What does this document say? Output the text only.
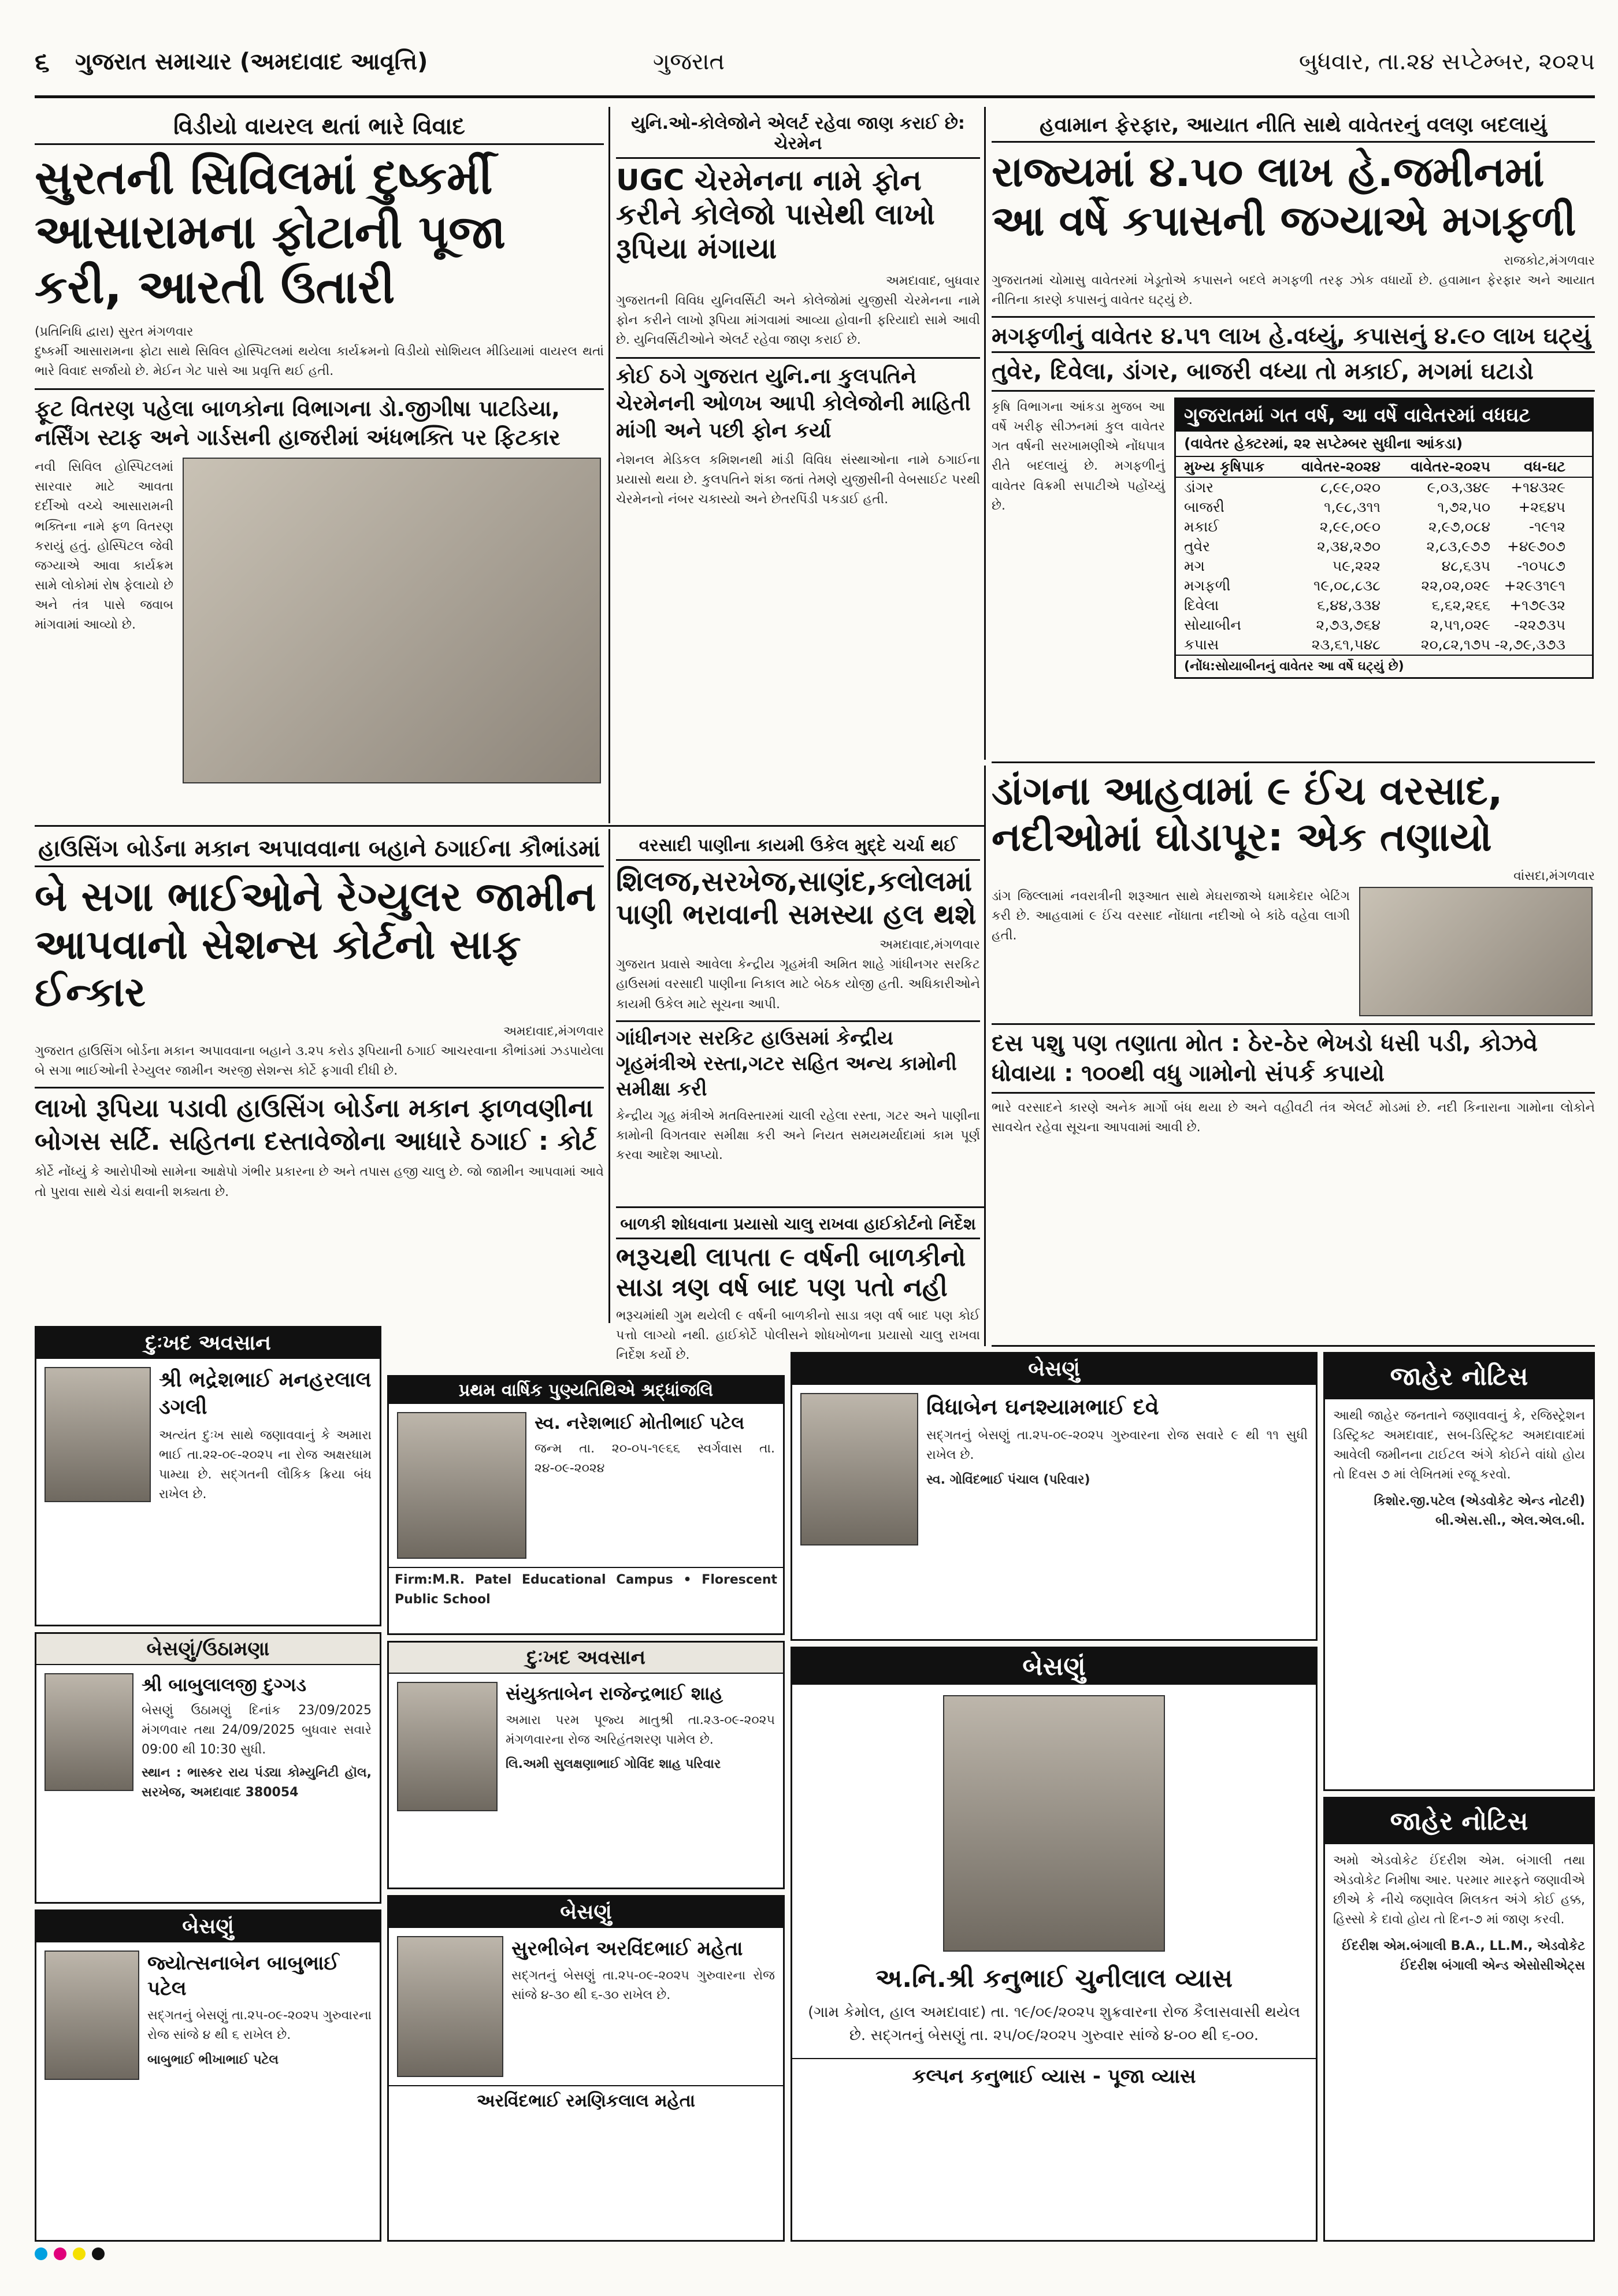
૬ ગુજરાત સમાચાર (અમદાવાદ આવૃત્તિ)	ગુજરાત	બુધવાર, તા.૨૪ સપ્ટેમ્બર, ૨૦૨૫
વિડીયો વાયરલ થતાં ભારે વિવાદ
સુરતની સિવિલમાં દુષ્કર્મી આસારામના ફોટાની પૂજા કરી, આરતી ઉતારી
(પ્રતિનિધિ દ્વારા) સુરત મંગળવાર
દુષ્કર્મી આસારામના ફોટા સાથે સિવિલ હોસ્પિટલમાં થયેલા કાર્યક્રમનો વિડીયો સોશિયલ મીડિયામાં વાયરલ થતાં ભારે વિવાદ સર્જાયો છે. મેઈન ગેટ પાસે આ પ્રવૃત્તિ થઈ હતી.
ફૂટ વિતરણ પહેલા બાળકોના વિભાગના ડો.જીગીષા પાટડિયા, નર્સિંગ સ્ટાફ અને ગાર્ડસની હાજરીમાં અંધભક્તિ પર ફિટકાર
નવી સિવિલ હોસ્પિટલમાં સારવાર માટે આવતા દર્દીઓ વચ્ચે આસારામની ભક્તિના નામે ફળ વિતરણ કરાયું હતું. હોસ્પિટલ જેવી જગ્યાએ આવા કાર્યક્રમ સામે લોકોમાં રોષ ફેલાયો છે અને તંત્ર પાસે જવાબ માંગવામાં આવ્યો છે.
યુનિ.ઓ-કોલેજોને એલર્ટ રહેવા જાણ કરાઈ છે: ચેરમેન
UGC ચેરમેનના નામે ફોન કરીને કોલેજો પાસેથી લાખો રૂપિયા મંગાયા
અમદાવાદ, બુધવાર
ગુજરાતની વિવિધ યુનિવર્સિટી અને કોલેજોમાં યુજીસી ચેરમેનના નામે ફોન કરીને લાખો રૂપિયા માંગવામાં આવ્યા હોવાની ફરિયાદો સામે આવી છે. યુનિવર્સિટીઓને એલર્ટ રહેવા જાણ કરાઈ છે.
કોઈ ઠગે ગુજરાત યુનિ.ના કુલપતિને ચેરમેનની ઓળખ આપી કોલેજોની માહિતી માંગી અને પછી ફોન કર્યા
નેશનલ મેડિકલ કમિશનથી માંડી વિવિધ સંસ્થાઓના નામે ઠગાઈના પ્રયાસો થયા છે. કુલપતિને શંકા જતાં તેમણે યુજીસીની વેબસાઈટ પરથી ચેરમેનનો નંબર ચકાસ્યો અને છેતરપિંડી પકડાઈ હતી.
હવામાન ફેરફાર, આયાત નીતિ સાથે વાવેતરનું વલણ બદલાયું
રાજ્યમાં ૪.૫૦ લાખ હે.જમીનમાં આ વર્ષે કપાસની જગ્યાએ મગફળી
રાજકોટ,મંગળવાર
ગુજરાતમાં ચોમાસુ વાવેતરમાં ખેડૂતોએ કપાસને બદલે મગફળી તરફ ઝોક વધાર્યો છે. હવામાન ફેરફાર અને આયાત નીતિના કારણે કપાસનું વાવેતર ઘટ્યું છે.
મગફળીનું વાવેતર ૪.૫૧ લાખ હે.વધ્યું, કપાસનું ૪.૯૦ લાખ ઘટ્યું
તુવેર, દિવેલા, ડાંગર, બાજરી વધ્યા તો મકાઈ, મગમાં ઘટાડો
કૃષિ વિભાગના આંકડા મુજબ આ વર્ષે ખરીફ સીઝનમાં કુલ વાવેતર ગત વર્ષની સરખામણીએ નોંધપાત્ર રીતે બદલાયું છે. મગફળીનું વાવેતર વિક્રમી સપાટીએ પહોંચ્યું છે.
ગુજરાતમાં ગત વર્ષ, આ વર્ષે વાવેતરમાં વધઘટ
(વાવેતર હેક્ટરમાં, ૨૨ સપ્ટેમ્બર સુધીના આંકડા)
મુખ્ય કૃષિપાક	વાવેતર-૨૦૨૪	વાવેતર-૨૦૨૫	વધ-ઘટ
ડાંગર	૮,૯૯,૦૨૦	૯,૦૩,૩૪૯	+૧૪૩૨૯
બાજરી	૧,૯૮,૩૧૧	૧,૭૨,૫૦	+૨૬૪૫
મકાઈ	૨,૯૯,૦૯૦	૨,૯૭,૦૮૪	-૧૯૧૨
તુવેર	૨,૩૪,૨૭૦	૨,૮૩,૯૭૭	+૪૯૭૦૭
મગ	૫૯,૨૨૨	૪૮,૬૩૫	-૧૦૫૮૭
મગફળી	૧૯,૦૮,૮૩૮	૨૨,૦૨,૦૨૯ +૨૯૩૧૯૧
દિવેલા	૬,૪૪,૩૩૪	૬,૬૨,૨૬૬	+૧૭૯૩૨
સોયાબીન	૨,૭૩,૭૬૪	૨,૫૧,૦૨૯	-૨૨૭૩૫
કપાસ	૨૩,૬૧,૫૪૮	૨૦,૮૨,૧૭૫ -૨,૭૯,૩૭૩
(નોંધ:સોયાબીનનું વાવેતર આ વર્ષે ઘટ્યું છે)
હાઉસિંગ બોર્ડના મકાન અપાવવાના બહાને ઠગાઈના કૌભાંડમાં
બે સગા ભાઈઓને રેગ્યુલર જામીન આપવાનો સેશન્સ કોર્ટનો સાફ ઈન્કાર
અમદાવાદ,મંગળવાર
ગુજરાત હાઉસિંગ બોર્ડના મકાન અપાવવાના બહાને ૩.૨૫ કરોડ રૂપિયાની ઠગાઈ આચરવાના કૌભાંડમાં ઝડપાયેલા બે સગા ભાઈઓની રેગ્યુલર જામીન અરજી સેશન્સ કોર્ટે ફગાવી દીધી છે.
લાખો રૂપિયા પડાવી હાઉસિંગ બોર્ડના મકાન ફાળવણીના બોગસ સર્ટિ. સહિતના દસ્તાવેજોના આધારે ઠગાઈ : કોર્ટ
કોર્ટે નોંધ્યું કે આરોપીઓ સામેના આક્ષેપો ગંભીર પ્રકારના છે અને તપાસ હજી ચાલુ છે. જો જામીન આપવામાં આવે તો પુરાવા સાથે ચેડાં થવાની શક્યતા છે.
વરસાદી પાણીના કાયમી ઉકેલ મુદ્દે ચર્ચા થઈ
શિલજ,સરખેજ,સાણંદ,કલોલમાં પાણી ભરાવાની સમસ્યા હલ થશે
અમદાવાદ,મંગળવાર
ગુજરાત પ્રવાસે આવેલા કેન્દ્રીય ગૃહમંત્રી અમિત શાહે ગાંધીનગર સરકિટ હાઉસમાં વરસાદી પાણીના નિકાલ માટે બેઠક યોજી હતી. અધિકારીઓને કાયમી ઉકેલ માટે સૂચના આપી.
ગાંધીનગર સરકિટ હાઉસમાં કેન્દ્રીય ગૃહમંત્રીએ રસ્તા,ગટર સહિત અન્ય કામોની સમીક્ષા કરી
કેન્દ્રીય ગૃહ મંત્રીએ મતવિસ્તારમાં ચાલી રહેલા રસ્તા, ગટર અને પાણીના કામોની વિગતવાર સમીક્ષા કરી અને નિયત સમયમર્યાદામાં કામ પૂર્ણ કરવા આદેશ આપ્યો.
બાળકી શોધવાના પ્રયાસો ચાલુ રાખવા હાઈકોર્ટનો નિર્દેશ
ભરૂચથી લાપતા ૯ વર્ષની બાળકીનો સાડા ત્રણ વર્ષ બાદ પણ પતો નહી
ભરૂચમાંથી ગુમ થયેલી ૯ વર્ષની બાળકીનો સાડા ત્રણ વર્ષ બાદ પણ કોઈ પત્તો લાગ્યો નથી. હાઈકોર્ટે પોલીસને શોધખોળના પ્રયાસો ચાલુ રાખવા નિર્દેશ કર્યો છે.
ડાંગના આહવામાં ૯ ઈંચ વરસાદ, નદીઓમાં ઘોડાપૂર: એક તણાયો
વાંસદા,મંગળવાર
ડાંગ જિલ્લામાં નવરાત્રીની શરૂઆત સાથે મેઘરાજાએ ધમાકેદાર બેટિંગ કરી છે. આહવામાં ૯ ઈંચ વરસાદ નોંધાતા નદીઓ બે કાંઠે વહેવા લાગી હતી.
દસ પશુ પણ તણાતા મોત : ઠેર-ઠેર ભેખડો ધસી પડી, કોઝવે ધોવાયા : ૧૦૦થી વધુ ગામોનો સંપર્ક કપાયો
ભારે વરસાદને કારણે અનેક માર્ગો બંધ થયા છે અને વહીવટી તંત્ર એલર્ટ મોડમાં છે. નદી કિનારાના ગામોના લોકોને સાવચેત રહેવા સૂચના આપવામાં આવી છે.
જાહેર નોટિસ
આથી જાહેર જનતાને જણાવવાનું કે, રજિસ્ટ્રેશન ડિસ્ટ્રિક્ટ અમદાવાદ, સબ-ડિસ્ટ્રિક્ટ અમદાવાદમાં આવેલી જમીનના ટાઈટલ અંગે કોઈને વાંધો હોય તો દિવસ ૭ માં લેખિતમાં રજૂ કરવો.
કિશોર.જી.પટેલ (એડવોકેટ એન્ડ નોટરી) બી.એસ.સી., એલ.એલ.બી.
જાહેર નોટિસ
અમો એડવોકેટ ઈંદરીશ એમ. બંગાલી તથા એડવોકેટ નિમીષા આર. પરમાર મારફતે જણાવીએ છીએ કે નીચે જણાવેલ મિલકત અંગે કોઈ હક્ક, હિસ્સો કે દાવો હોય તો દિન-૭ માં જાણ કરવી.
ઈંદરીશ એમ.બંગાલી B.A., LL.M., એડવોકેટ ઈંદરીશ બંગાલી એન્ડ એસોસીએટ્સ
દુઃખદ અવસાન
શ્રી ભદ્રેશભાઈ મનહરલાલ ડગલી
અત્યંત દુઃખ સાથે જણાવવાનું કે અમારા ભાઈ તા.૨૨-૦૯-૨૦૨૫ ના રોજ અક્ષરધામ પામ્યા છે. સદ્ગતની લૌકિક ક્રિયા બંધ રાખેલ છે.
બેસણું/ઉઠામણા
શ્રી બાબુલાલજી દુગ્ગડ
બેસણું ઉઠામણું દિનાંક 23/09/2025 મંગળવાર તથા 24/09/2025 બુધવાર સવારે 09:00 થી 10:30 સુધી.
સ્થાન : ભાસ્કર રાય પંડ્યા કોમ્યુનિટી હૉલ, સરખેજ, અમદાવાદ 380054
બેસણું
જ્યોત્સનાબેન બાબુભાઈ પટેલ
સદ્ગતનું બેસણું તા.૨૫-૦૯-૨૦૨૫ ગુરુવારના રોજ સાંજે ૪ થી ૬ રાખેલ છે.
બાબુભાઈ ભીખાભાઈ પટેલ
પ્રથમ વાર્ષિક પુણ્યતિથિએ શ્રદ્ધાંજલિ
સ્વ. નરેશભાઈ મોતીભાઈ પટેલ
જન્મ તા. ૨૦-૦૫-૧૯૬૬ સ્વર્ગવાસ તા. ૨૪-૦૯-૨૦૨૪
Firm:M.R. Patel Educational Campus • Florescent Public School
દુઃખદ અવસાન
સંયુક્તાબેન રાજેન્દ્રભાઈ શાહ
અમારા પરમ પૂજ્ય માતુશ્રી તા.૨૩-૦૯-૨૦૨૫ મંગળવારના રોજ અરિહંતશરણ પામેલ છે.
લિ.અમી સુલક્ષણાભાઈ ગોવિંદ શાહ પરિવાર
બેસણું
સુરભીબેન અરવિંદભાઈ મહેતા
સદ્ગતનું બેસણું તા.૨૫-૦૯-૨૦૨૫ ગુરુવારના રોજ સાંજે ૪-૩૦ થી ૬-૩૦ રાખેલ છે.
અરવિંદભાઈ રમણિકલાલ મહેતા
બેસણું
વિધાબેન ઘનશ્યામભાઈ દવે
સદ્ગતનું બેસણું તા.૨૫-૦૯-૨૦૨૫ ગુરુવારના રોજ સવારે ૯ થી ૧૧ સુધી રાખેલ છે.
સ્વ. ગોવિંદભાઈ પંચાલ (પરિવાર)
બેસણું
અ.નિ.શ્રી કનુભાઈ ચુનીલાલ વ્યાસ
(ગામ કેમોલ, હાલ અમદાવાદ) તા. ૧૯/૦૯/૨૦૨૫ શુક્રવારના રોજ કૈલાસવાસી થયેલ છે. સદ્ગતનું બેસણું તા. ૨૫/૦૯/૨૦૨૫ ગુરુવાર સાંજે ૪-૦૦ થી ૬-૦૦.
કલ્પન કનુભાઈ વ્યાસ - પૂજા વ્યાસ
